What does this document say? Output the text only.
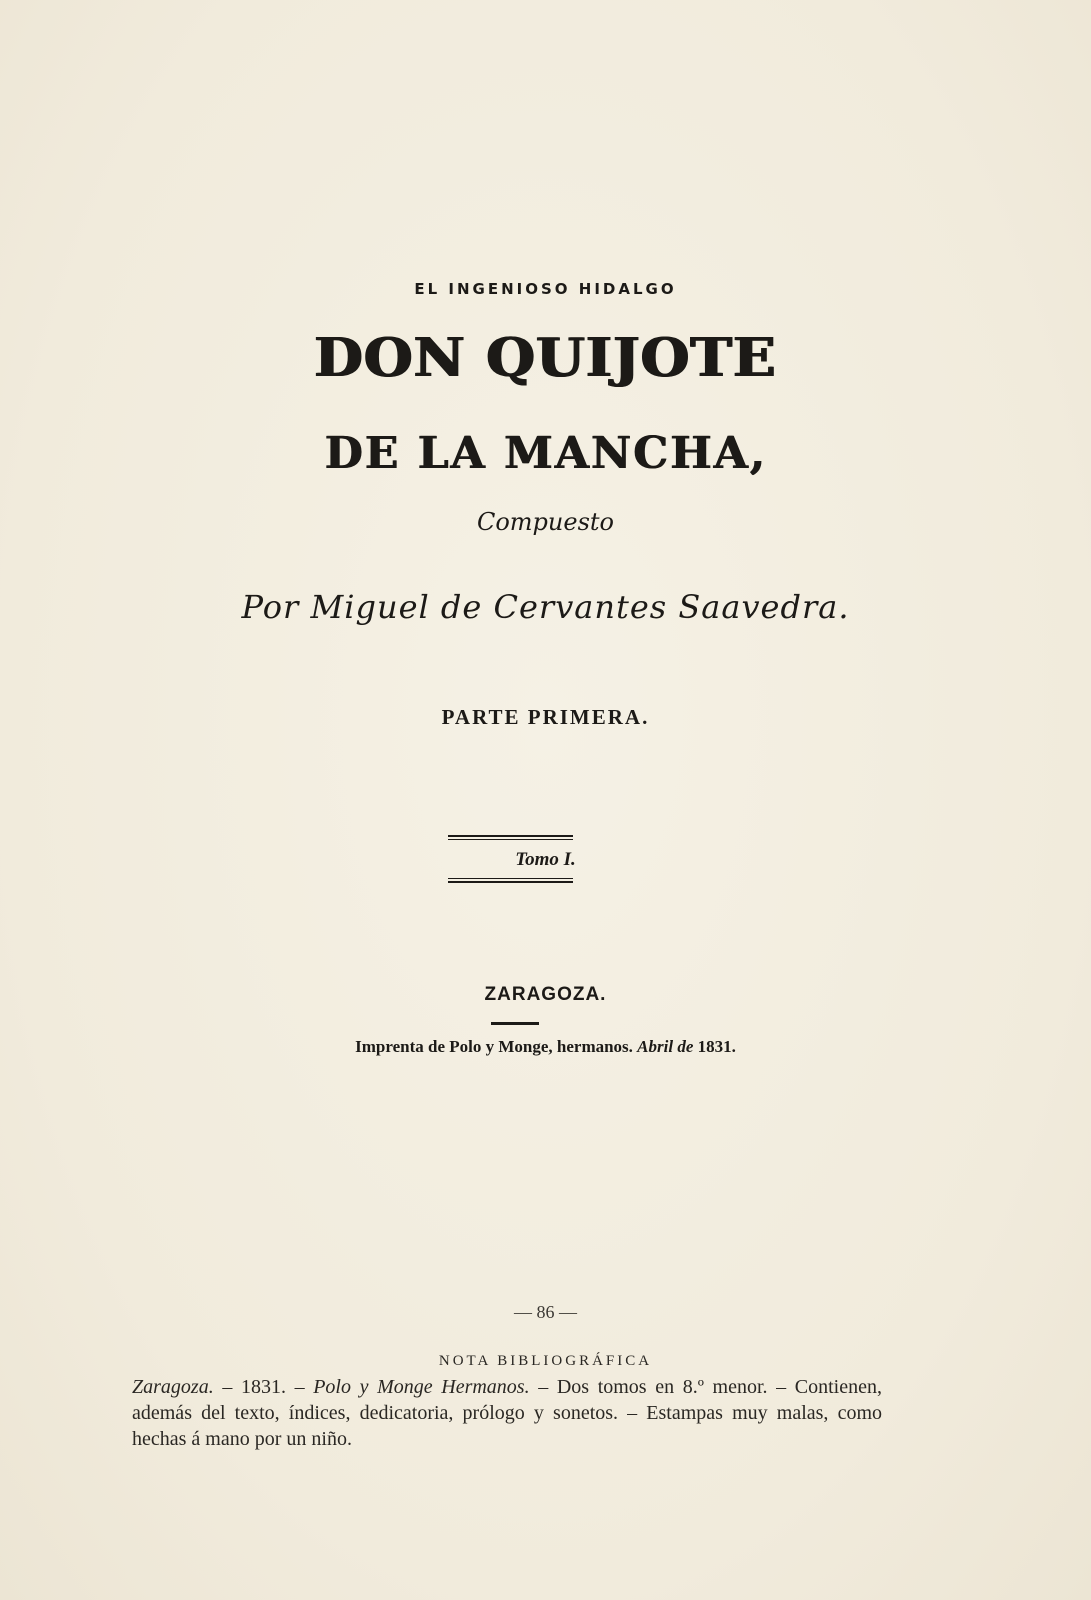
EL INGENIOSO HIDALGO
DON QUIJOTE
DE LA MANCHA,
Compuesto
Por Miguel de Cervantes Saavedra.
PARTE PRIMERA.
Tomo I.
ZARAGOZA.
Imprenta de Polo y Monge, hermanos. Abril de 1831.
— 86 —
NOTA BIBLIOGRÁFICA
Zaragoza. – 1831. – Polo y Monge Hermanos. – Dos tomos en 8.º menor. – Contienen, además del texto, índices, dedicatoria, prólogo y sonetos. – Estampas muy malas, como hechas á mano por un niño.
